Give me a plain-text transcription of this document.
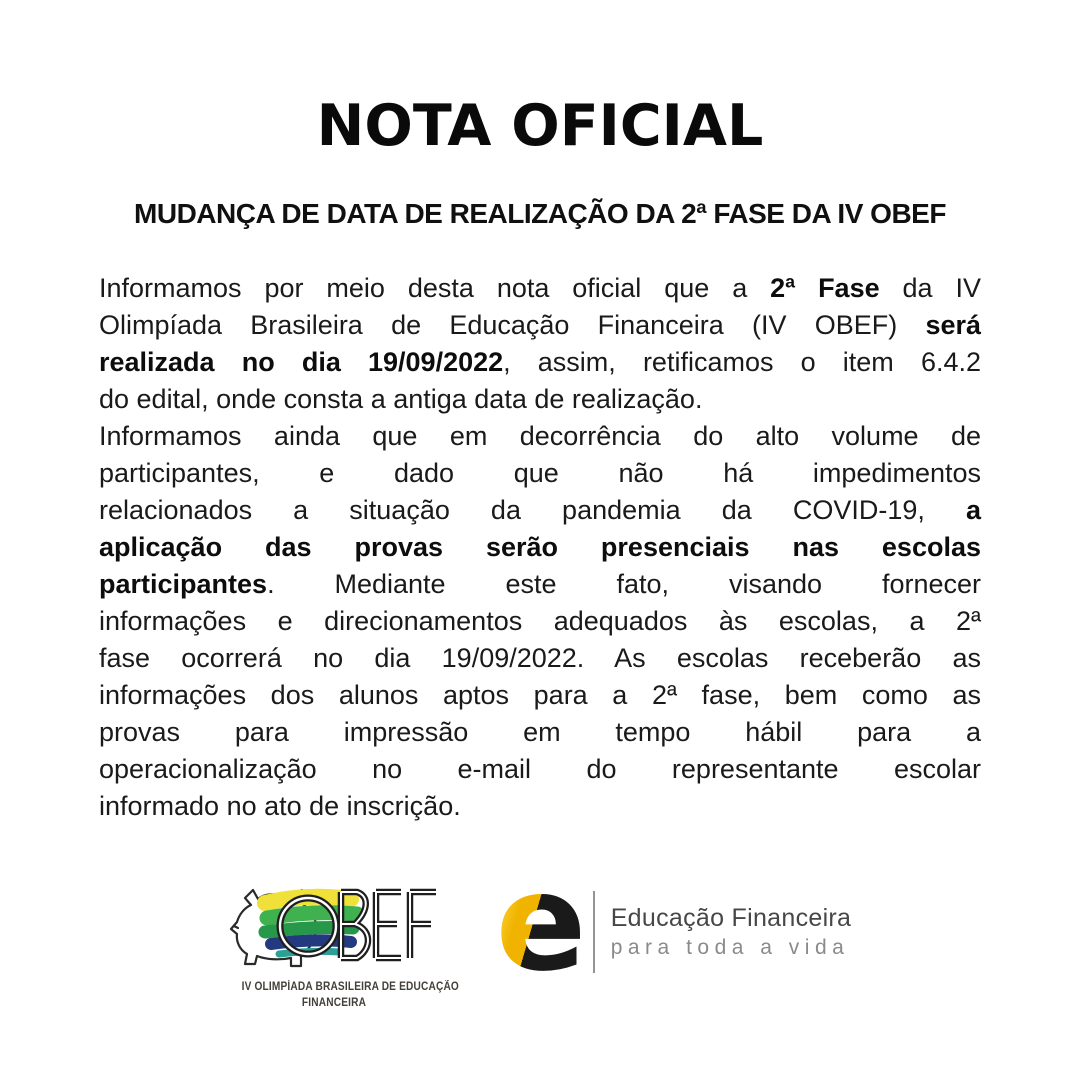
NOTA OFICIAL
MUDANÇA DE DATA DE REALIZAÇÃO DA 2ª FASE DA IV OBEF
Informamos por meio desta nota oficial que a 2ª Fase da IV
Olimpíada Brasileira de Educação Financeira (IV OBEF) será
realizada no dia 19/09/2022, assim, retificamos o item 6.4.2
do edital, onde consta a antiga data de realização.
Informamos ainda que em decorrência do alto volume de
participantes, e dado que não há impedimentos
relacionados a situação da pandemia da COVID-19, a
aplicação das provas serão presenciais nas escolas
participantes. Mediante este fato, visando fornecer
informações e direcionamentos adequados às escolas, a 2ª
fase ocorrerá no dia 19/09/2022. As escolas receberão as
informações dos alunos aptos para a 2ª fase, bem como as
provas para impressão em tempo hábil para a
operacionalização no e-mail do representante escolar
informado no ato de inscrição.
IV OLIMPÍADA BRASILEIRA DE EDUCAÇÃO
FINANCEIRA
e Educação Financeira
para toda a vida
